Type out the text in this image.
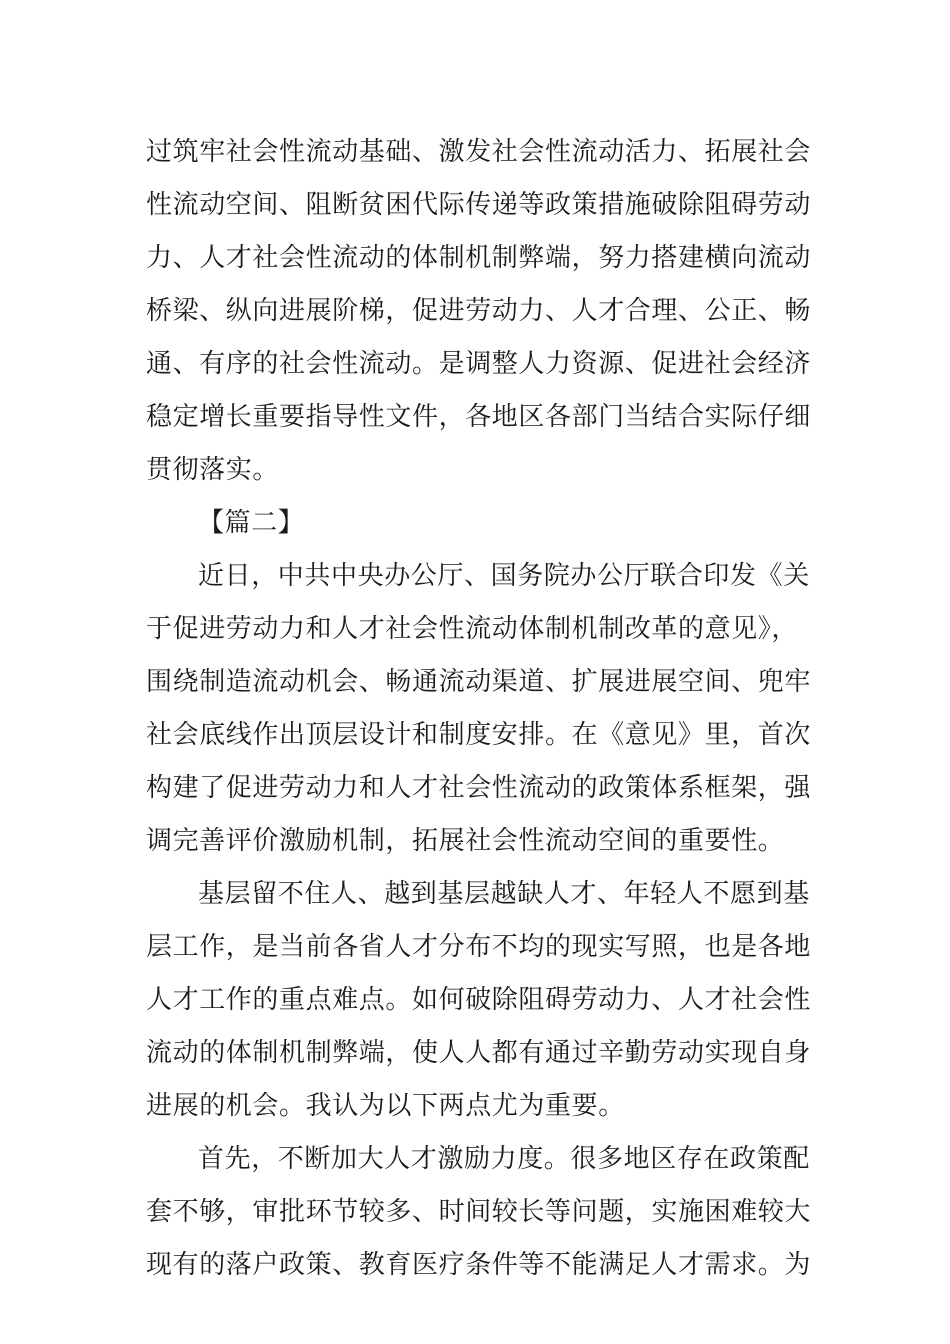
过筑牢社会性流动基础、激发社会性流动活力、拓展社会
性流动空间、阻断贫困代际传递等政策措施破除阻碍劳动
力、人才社会性流动的体制机制弊端，努力搭建横向流动
桥梁、纵向进展阶梯，促进劳动力、人才合理、公正、畅
通、有序的社会性流动。是调整人力资源、促进社会经济
稳定增长重要指导性文件，各地区各部门当结合实际仔细
贯彻落实。
【篇二】
近日，中共中央办公厅、国务院办公厅联合印发《关
于促进劳动力和人才社会性流动体制机制改革的意见》，
围绕制造流动机会、畅通流动渠道、扩展进展空间、兜牢
社会底线作出顶层设计和制度安排。在《意见》里，首次
构建了促进劳动力和人才社会性流动的政策体系框架，强
调完善评价激励机制，拓展社会性流动空间的重要性。
基层留不住人、越到基层越缺人才、年轻人不愿到基
层工作，是当前各省人才分布不均的现实写照，也是各地
人才工作的重点难点。如何破除阻碍劳动力、人才社会性
流动的体制机制弊端，使人人都有通过辛勤劳动实现自身
进展的机会。我认为以下两点尤为重要。
首先，不断加大人才激励力度。很多地区存在政策配
套不够，审批环节较多、时间较长等问题，实施困难较大
现有的落户政策、教育医疗条件等不能满足人才需求。为
